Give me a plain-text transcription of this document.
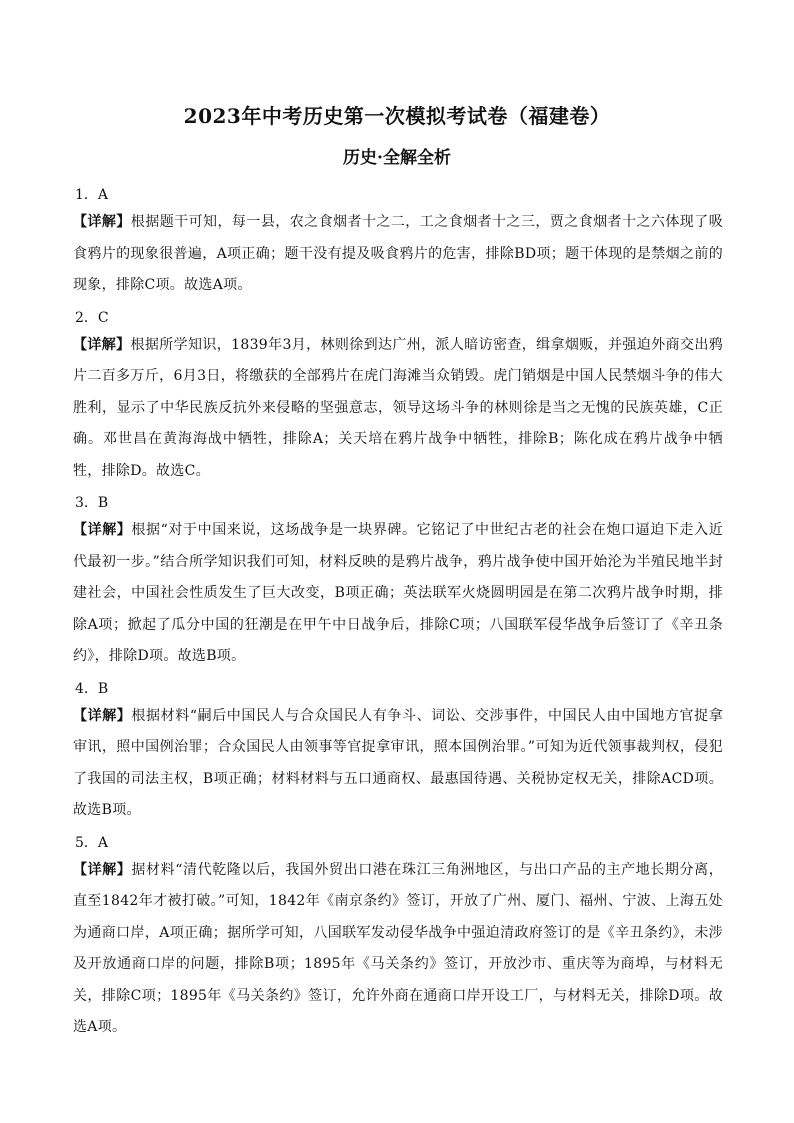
2023年中考历史第一次模拟考试卷（福建卷）
历史·全解全析

1．A

【详解】根据题干可知，每一县，农之食烟者十之二，工之食烟者十之三，贾之食烟者十之六体现了吸食鸦片的现象很普遍，A项正确；题干没有提及吸食鸦片的危害，排除BD项；题干体现的是禁烟之前的现象，排除C项。故选A项。

2．C

【详解】根据所学知识，1839年3月，林则徐到达广州，派人暗访密查，缉拿烟贩，并强迫外商交出鸦片二百多万斤，6月3日，将缴获的全部鸦片在虎门海滩当众销毁。虎门销烟是中国人民禁烟斗争的伟大胜利，显示了中华民族反抗外来侵略的坚强意志，领导这场斗争的林则徐是当之无愧的民族英雄，C正确。邓世昌在黄海海战中牺牲，排除A；关天培在鸦片战争中牺牲，排除B；陈化成在鸦片战争中牺牲，排除D。故选C。

3．B

【详解】根据“对于中国来说，这场战争是一块界碑。它铭记了中世纪古老的社会在炮口逼迫下走入近代最初一步。”结合所学知识我们可知，材料反映的是鸦片战争，鸦片战争使中国开始沦为半殖民地半封建社会，中国社会性质发生了巨大改变，B项正确；英法联军火烧圆明园是在第二次鸦片战争时期，排除A项；掀起了瓜分中国的狂潮是在甲午中日战争后，排除C项；八国联军侵华战争后签订了《辛丑条约》，排除D项。故选B项。

4．B

【详解】根据材料“嗣后中国民人与合众国民人有争斗、词讼、交涉事件，中国民人由中国地方官捉拿审讯，照中国例治罪；合众国民人由领事等官捉拿审讯，照本国例治罪。”可知为近代领事裁判权，侵犯了我国的司法主权，B项正确；材料材料与五口通商权、最惠国待遇、关税协定权无关，排除ACD项。故选B项。

5．A

【详解】据材料“清代乾隆以后，我国外贸出口港在珠江三角洲地区，与出口产品的主产地长期分离，直至1842年才被打破。”可知，1842年《南京条约》签订，开放了广州、厦门、福州、宁波、上海五处为通商口岸，A项正确；据所学可知，八国联军发动侵华战争中强迫清政府签订的是《辛丑条约》，未涉及开放通商口岸的问题，排除B项；1895年《马关条约》签订，开放沙市、重庆等为商埠，与材料无关，排除C项；1895年《马关条约》签订，允许外商在通商口岸开设工厂，与材料无关，排除D项。故选A项。
